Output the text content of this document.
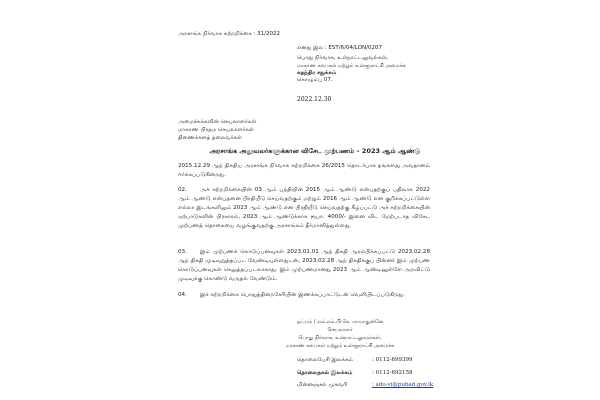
அரசாங்க நிர்வாக சுற்றறிக்கை : 31/2022
எனது இல : EST/6/04/LON/0207
பொது நிர்வாக, உள்நாட்டலுவல்கள்,
மாகாண சபைகள் மற்றும் உள்ளூராட்சி அமைச்சு
சுதந்திர சதுக்கம்
கொழும்பு 07.
2022.12.30
அமைச்சுக்களின் செயலாளர்கள்
மாகாண பிரதம செயலாளர்கள்
திணைக்களத் தலைவர்கள்
அரசாங்க அலுவலர்களுக்கான விசேட முற்பணம் – 2023 ஆம் ஆண்டு
2015.12.29 ஆந் திகதிய அரசாங்க நிர்வாக சுற்றறிக்கை 26/2015 தொடர்பாக தங்களது அவதானம் ஈர்க்கப்படுகின்றது.
02. அச் சுற்றறிக்கையின் 03 ஆம் பந்தியின் 2015 ஆம் ஆண்டு என்பதற்குப் பதிலாக 2022 ஆம் ஆண்டு என்பதனை பிரதியீடு செய்வதற்கும் மற்றும் 2016 ஆம் ஆண்டு என குறிக்கப்பட்டுள்ள எல்லா இடங்களிலும் 2023 ஆம் ஆண்டு என பிரதியீடு செய்வதற்கு கீழ்ப்பட்டு அச் சுற்றறிக்கையின் ஏற்பாடுகளின் பிரகாரம், 2023 ஆம் ஆண்டுக்காக ரூபா. 4000/- இனை விட மேற்படாத விசேட முற்பணத் தொகையை வழங்குவதற்கு அரசாங்கம் தீர்மானித்துள்ளது.
03. இம் முற்பணக் கொடுப்பனவுகள் 2023.01.01 ஆந் திகதி ஆரம்பிக்கப்பட்டு 2023.02.28 ஆந் திகதி முடிவுறுத்தப்பட வேண்டியுள்ளதுடன், 2023.02.28 ஆந் திகதிக்குப் பின்னர் இம் முற்பண கொடுப்பனவுகள் செலுத்தப்படலாகாது. இம் முற்பணமானது 2023 ஆம் ஆண்டினுள்ளே அறவிட்டு முடிவுக்கு கொண்டு வருதல் வேண்டும்.
04. இச் சுற்றறிக்கை பொதுத்திறைசேரியின் இணக்கப்பாட்டுடன் வெளியிடப்படுகிறது.
ஒப்பம் / எம்.எம்.பி.கே. மாயாதுன்னே
செயலாளர்
பொது நிர்வாக, உள்நாட்டலுவல்கள்,
மாகாண சபைகள் மற்றும் உள்ளூராட்சி அமைச்சு
தொலைபேசி இலக்கம்	: 0112-699399
தொலைநகல் இலக்கம்	: 0112-692158
மின்னஞ்சல் முகவரி	: ado-vi@pubad.gov.lk
